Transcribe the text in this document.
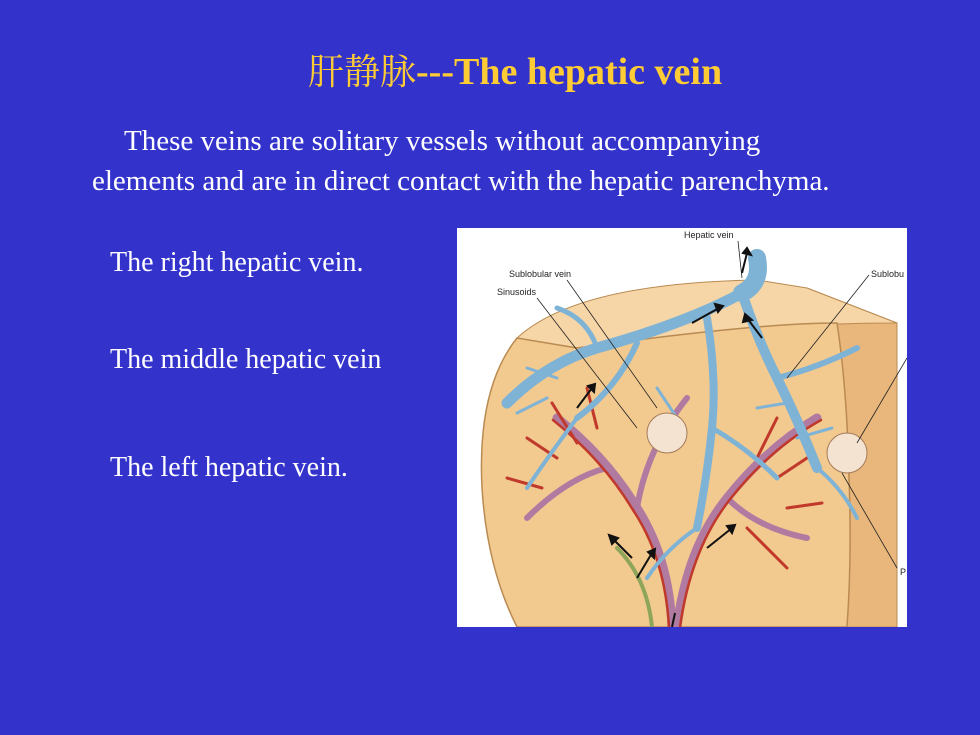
肝静脉---The hepatic vein
These veins are solitary vessels without accompanying
elements and are in direct contact with the hepatic parenchyma.
The right hepatic vein.
The middle hepatic vein
The left hepatic vein.
Hepatic vein
Sublobular vein
Sinusoids
Sublobu
P
